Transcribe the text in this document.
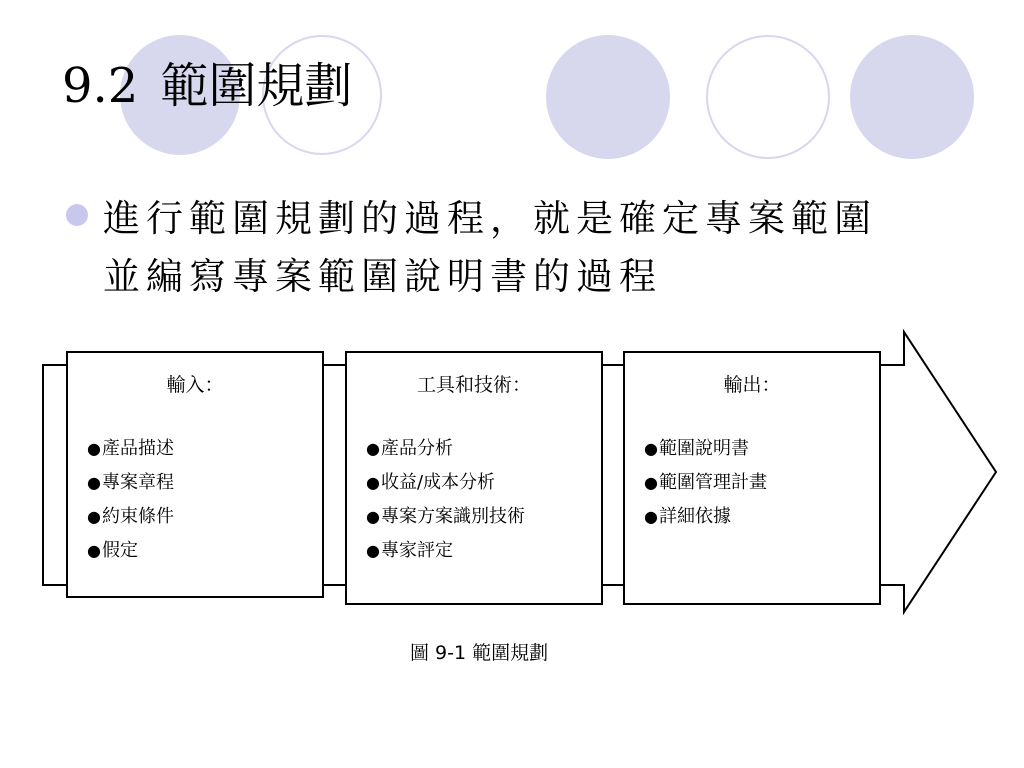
9.2 範圍規劃
進行範圍規劃的過程，就是確定專案範圍
並編寫專案範圍說明書的過程
輸入：
● 產品描述
● 專案章程
● 約束條件
● 假定
工具和技術：
● 產品分析
● 收益/成本分析
● 專案方案識別技術
● 專家評定
輸出：
● 範圍說明書
● 範圍管理計畫
● 詳細依據
圖 9-1 範圍規劃
